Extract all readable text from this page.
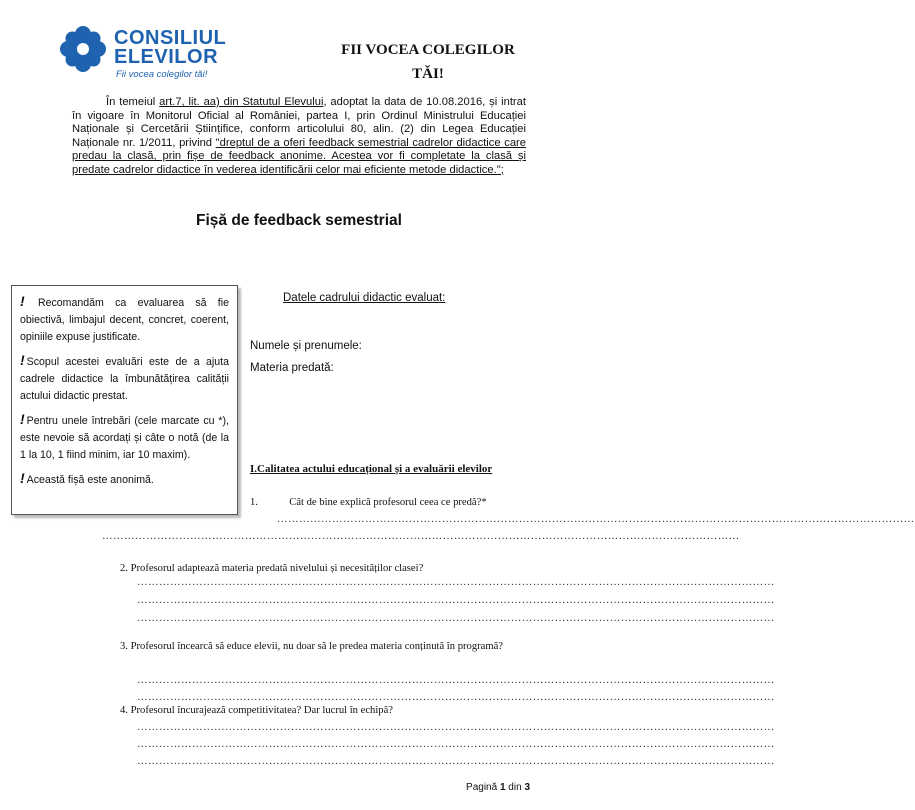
CONSILIUL
ELEVILOR
Fii vocea colegilor tăi!
FII VOCEA COLEGILOR
TĂI!
În temeiul art.7, lit. aa) din Statutul Elevului, adoptat la data de 10.08.2016, și intrat în vigoare în Monitorul Oficial al României, partea I, prin Ordinul Ministrului Educației Naționale și Cercetării Științifice, conform articolului 80, alin. (2) din Legea Educației Naționale nr. 1/2011, privind "dreptul de a oferi feedback semestrial cadrelor didactice care predau la clasă, prin fișe de feedback anonime. Acestea vor fi completate la clasă și predate cadrelor didactice în vederea identificării celor mai eficiente metode didactice.";
Fișă de feedback semestrial

! Recomandăm ca evaluarea să fie obiectivă, limbajul decent, concret, coerent, opiniile expuse justificate.

! Scopul acestei evaluări este de a ajuta cadrele didactice la îmbunătățirea calității actului didactic prestat.

! Pentru unele întrebări (cele marcate cu *), este nevoie să acordați și câte o notă (de la 1 la 10, 1 fiind minim, iar 10 maxim).

! Această fișă este anonimă.

Datele cadrului didactic evaluat:
Numele și prenumele:
Materia predată:
I.Calitatea actului educațional și a evaluării elevilor
1.	Cât de bine explică profesorul ceea ce predă?*
…………………………………………………………………………………………………………………………………………………………
…………………………………………………………………………………………………………………………………………………………
2. Profesorul adaptează materia predată nivelului și necesităților clasei?
…………………………………………………………………………………………………………………………………………………………
…………………………………………………………………………………………………………………………………………………………
…………………………………………………………………………………………………………………………………………………………
3. Profesorul încearcă să educe elevii, nu doar să le predea materia conținută în programă?
…………………………………………………………………………………………………………………………………………………………
…………………………………………………………………………………………………………………………………………………………
4. Profesorul încurajează competitivitatea? Dar lucrul în echipă?
…………………………………………………………………………………………………………………………………………………………
…………………………………………………………………………………………………………………………………………………………
…………………………………………………………………………………………………………………………………………………………
Pagină 1 din 3
